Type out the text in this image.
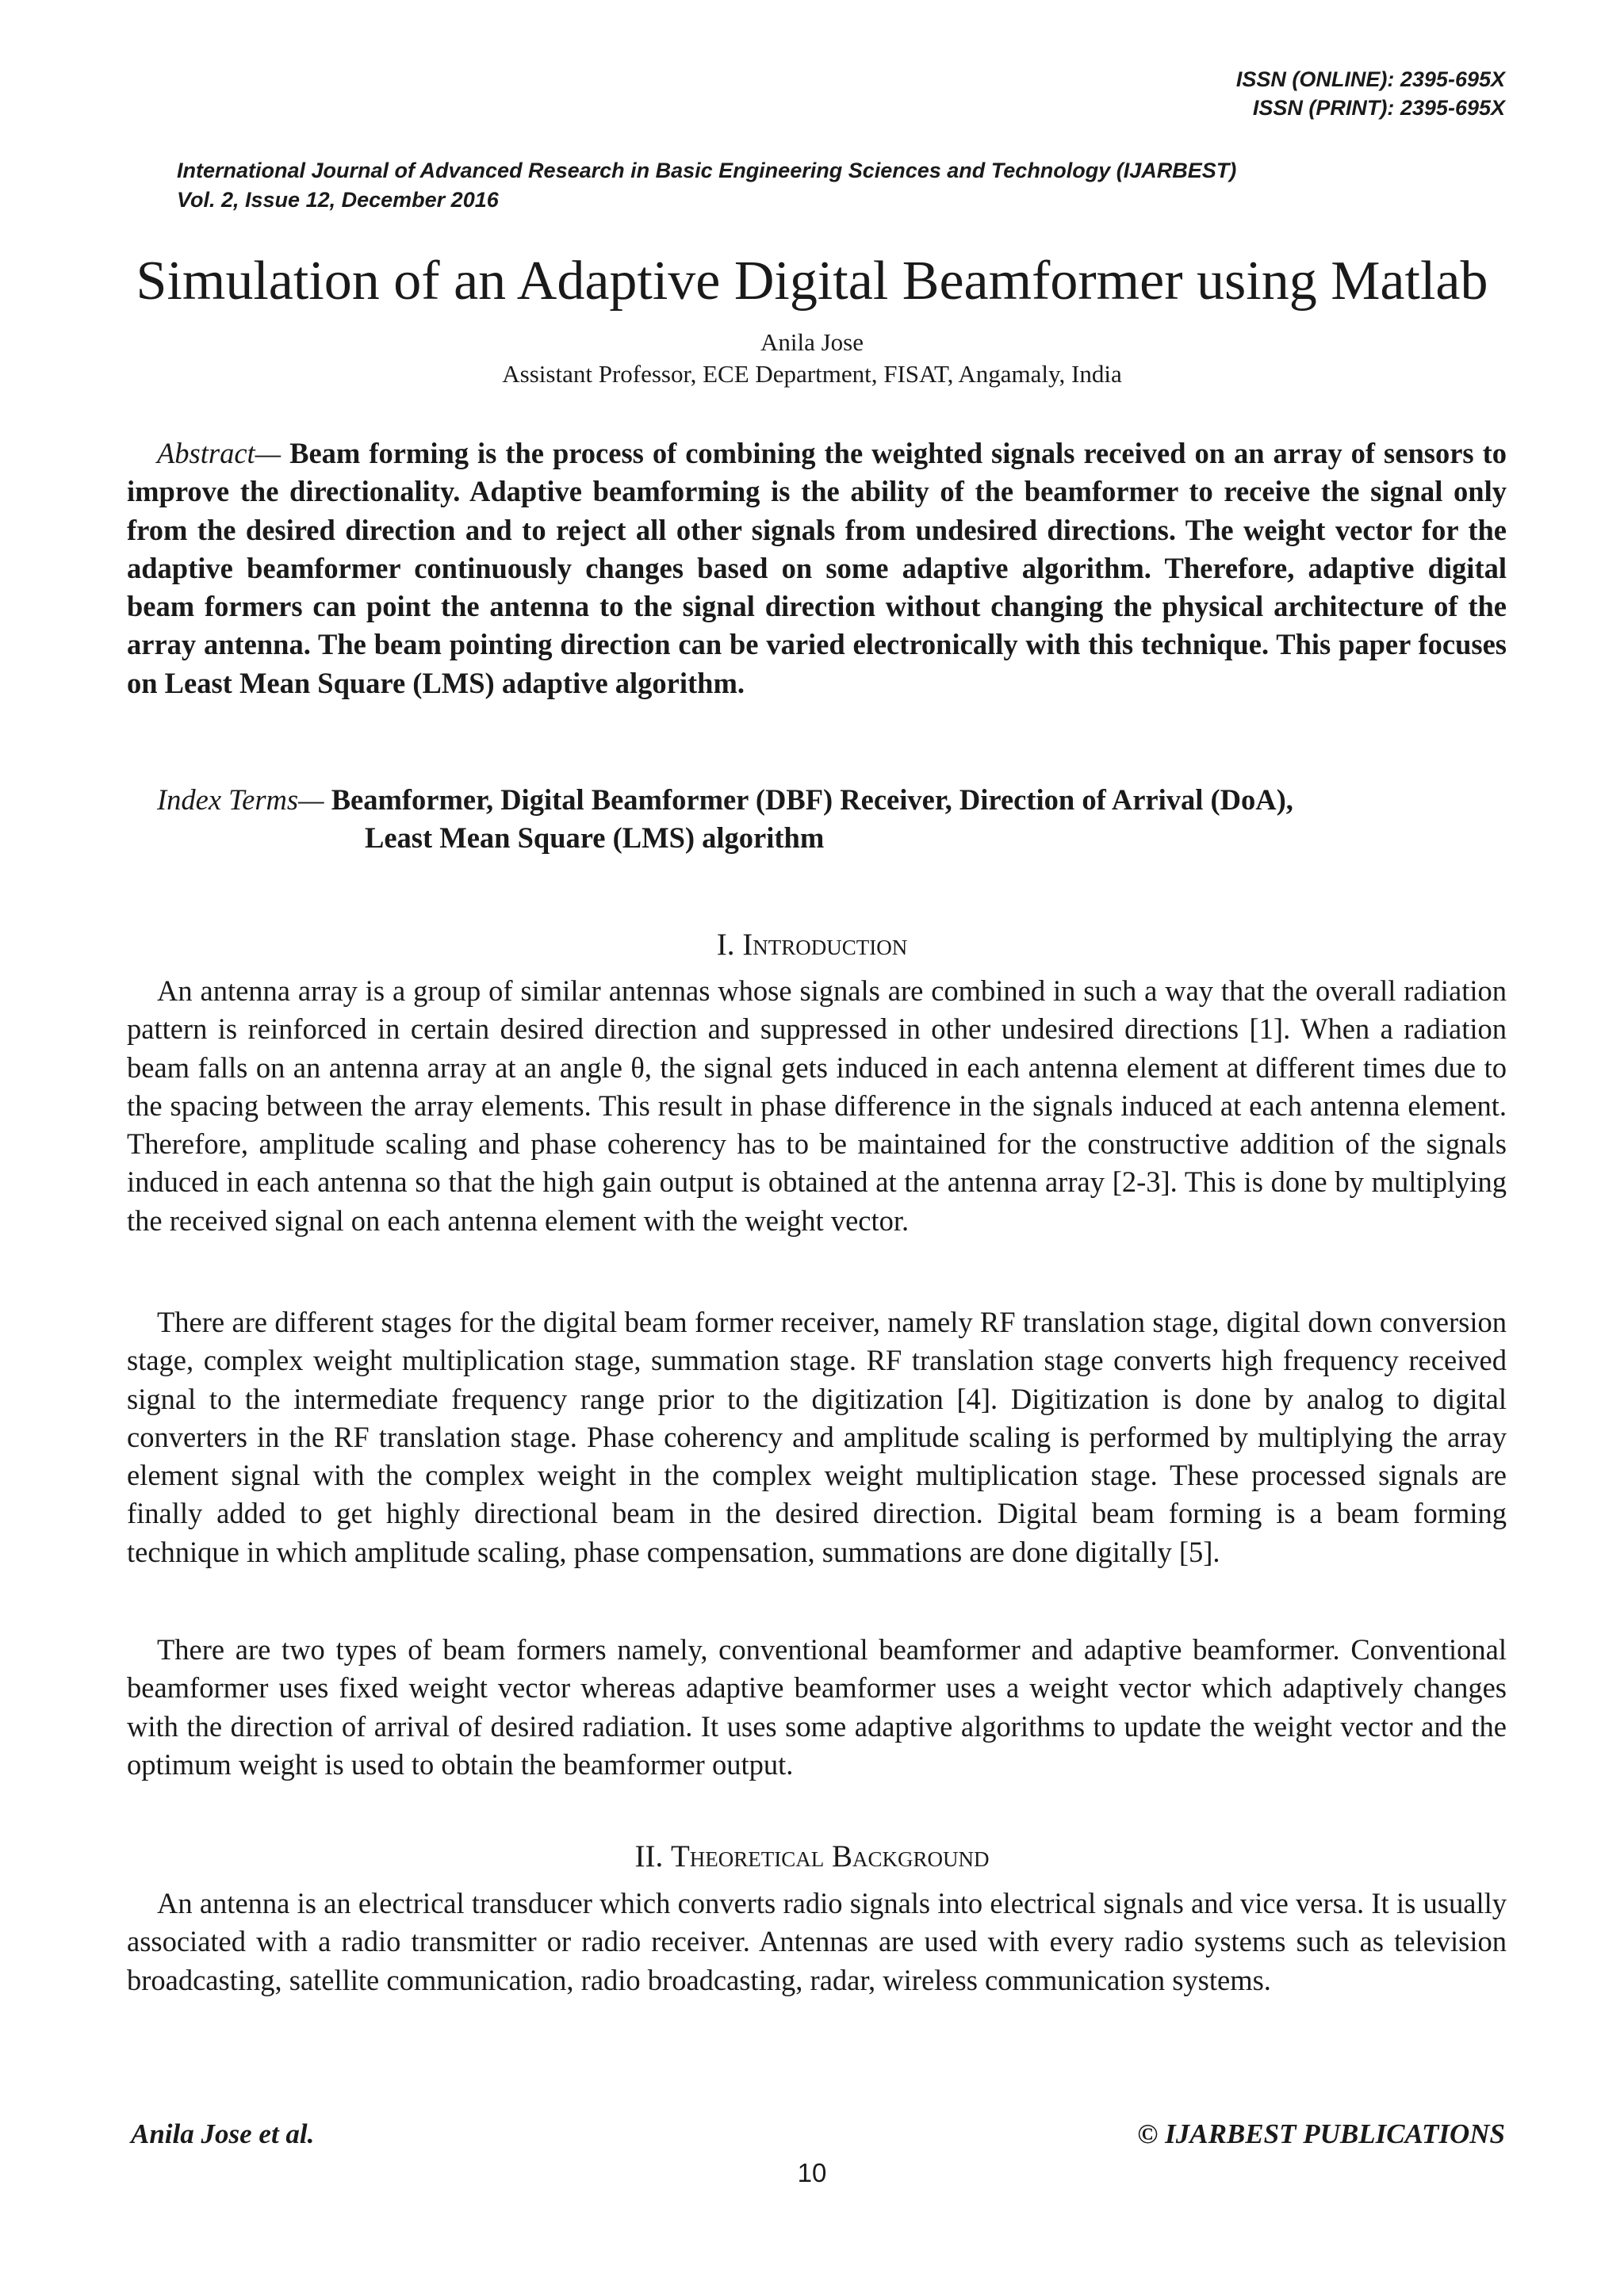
ISSN (ONLINE): 2395-695X
ISSN (PRINT): 2395-695X
International Journal of Advanced Research in Basic Engineering Sciences and Technology (IJARBEST)
Vol. 2, Issue 12, December 2016
Simulation of an Adaptive Digital Beamformer using Matlab
Anila Jose
Assistant Professor, ECE Department, FISAT, Angamaly, India

Abstract— Beam forming is the process of combining the weighted signals received on an array of sensors to improve the directionality. Adaptive beamforming is the ability of the beamformer to receive the signal only from the desired direction and to reject all other signals from undesired directions. The weight vector for the adaptive beamformer continuously changes based on some adaptive algorithm. Therefore, adaptive digital beam formers can point the antenna to the signal direction without changing the physical architecture of the array antenna. The beam pointing direction can be varied electronically with this technique. This paper focuses on Least Mean Square (LMS) adaptive algorithm.

Index Terms— Beamformer, Digital Beamformer (DBF) Receiver, Direction of Arrival (DoA),
Least Mean Square (LMS) algorithm
I. Introduction

An antenna array is a group of similar antennas whose signals are combined in such a way that the overall radiation pattern is reinforced in certain desired direction and suppressed in other undesired directions [1]. When a radiation beam falls on an antenna array at an angle θ, the signal gets induced in each antenna element at different times due to the spacing between the array elements. This result in phase difference in the signals induced at each antenna element. Therefore, amplitude scaling and phase coherency has to be maintained for the constructive addition of the signals induced in each antenna so that the high gain output is obtained at the antenna array [2-3]. This is done by multiplying the received signal on each antenna element with the weight vector.

There are different stages for the digital beam former receiver, namely RF translation stage, digital down conversion stage, complex weight multiplication stage, summation stage. RF translation stage converts high frequency received signal to the intermediate frequency range prior to the digitization [4]. Digitization is done by analog to digital converters in the RF translation stage. Phase coherency and amplitude scaling is performed by multiplying the array element signal with the complex weight in the complex weight multiplication stage. These processed signals are finally added to get highly directional beam in the desired direction. Digital beam forming is a beam forming technique in which amplitude scaling, phase compensation, summations are done digitally [5].

There are two types of beam formers namely, conventional beamformer and adaptive beamformer. Conventional beamformer uses fixed weight vector whereas adaptive beamformer uses a weight vector which adaptively changes with the direction of arrival of desired radiation. It uses some adaptive algorithms to update the weight vector and the optimum weight is used to obtain the beamformer output.

II. Theoretical Background

An antenna is an electrical transducer which converts radio signals into electrical signals and vice versa. It is usually associated with a radio transmitter or radio receiver. Antennas are used with every radio systems such as television broadcasting, satellite communication, radio broadcasting, radar, wireless communication systems.

Anila Jose et al.	© IJARBEST PUBLICATIONS
10
